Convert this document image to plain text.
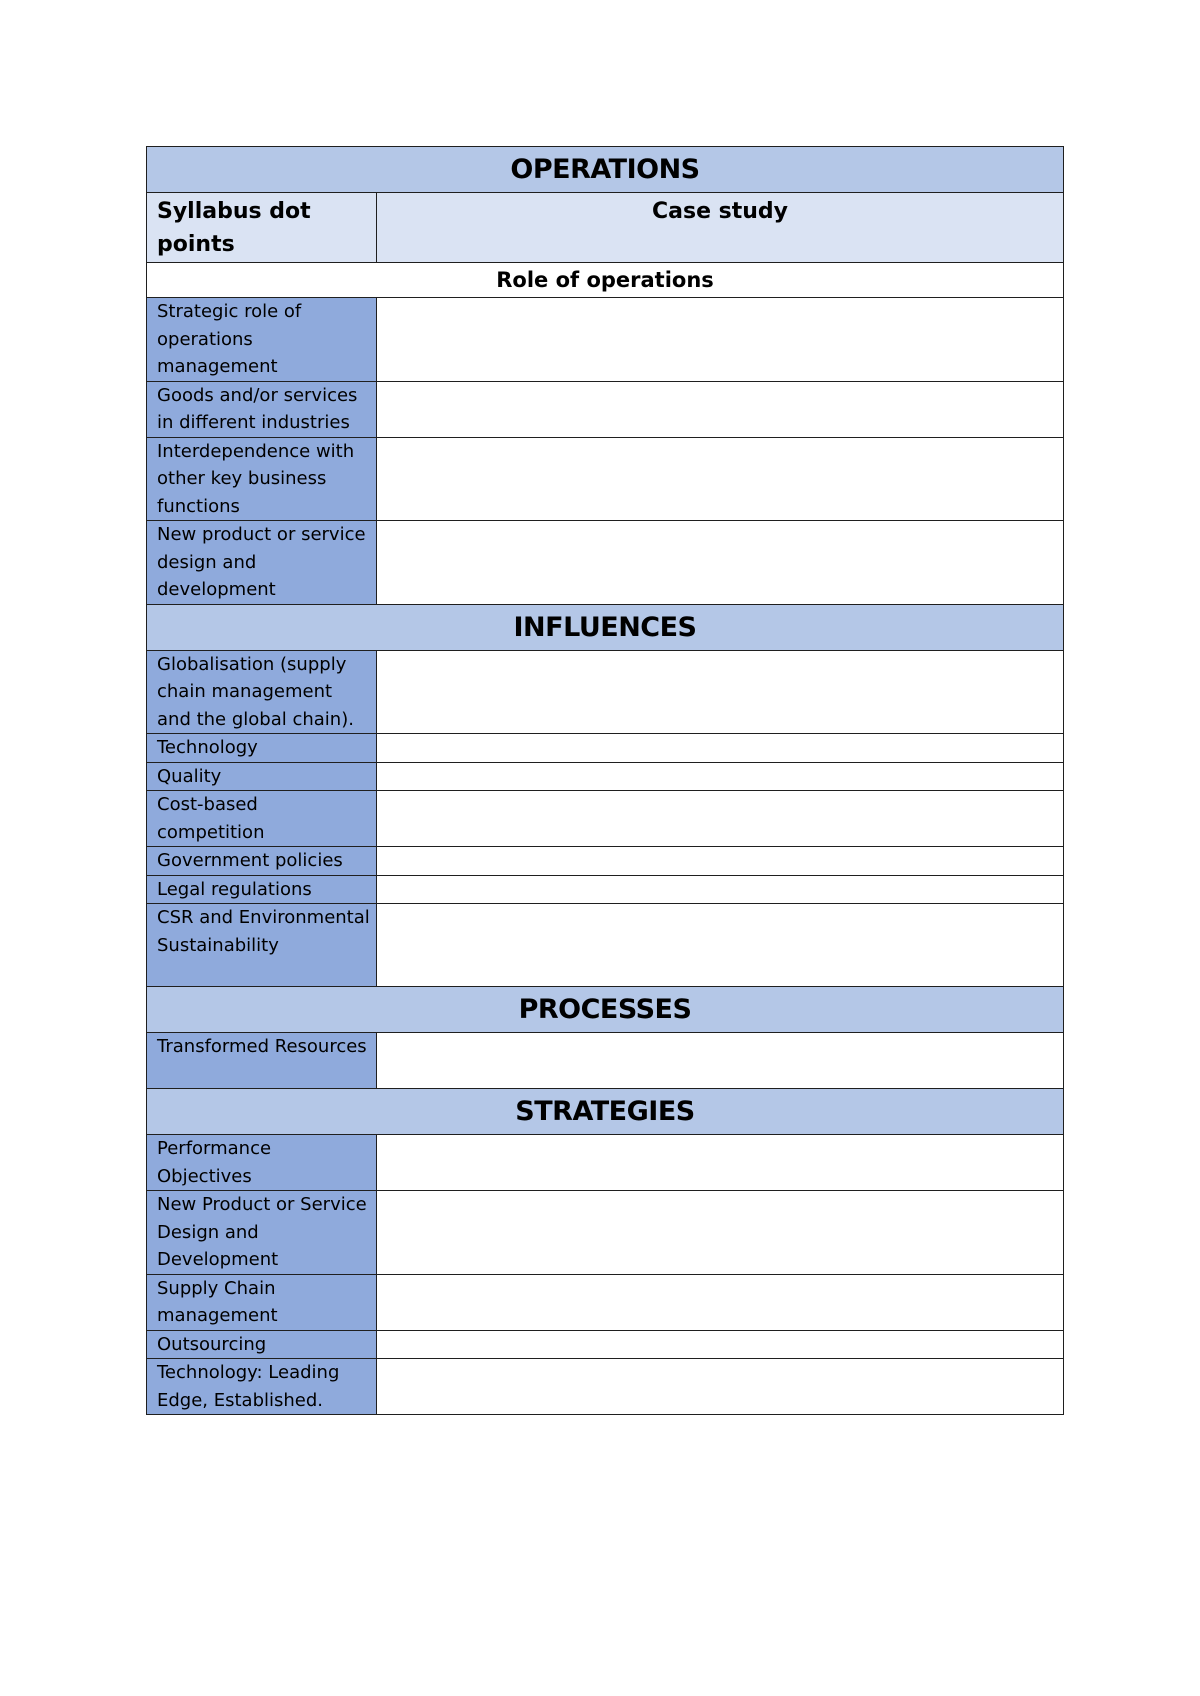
OPERATIONS	
Syllabus dot points	Case study
Role of operations	
Strategic role of operations management	
Goods and/or services in different industries	
Interdependence with other key business functions	
New product or service design and development	
INFLUENCES	
Globalisation (supply chain management and the global chain).	
Technology	
Quality	
Cost-based competition	
Government policies	
Legal regulations	
CSR and Environmental Sustainability	
PROCESSES	
Transformed Resources	
STRATEGIES	
Performance Objectives	
New Product or Service Design and Development	
Supply Chain management	
Outsourcing	
Technology: Leading Edge, Established.	
